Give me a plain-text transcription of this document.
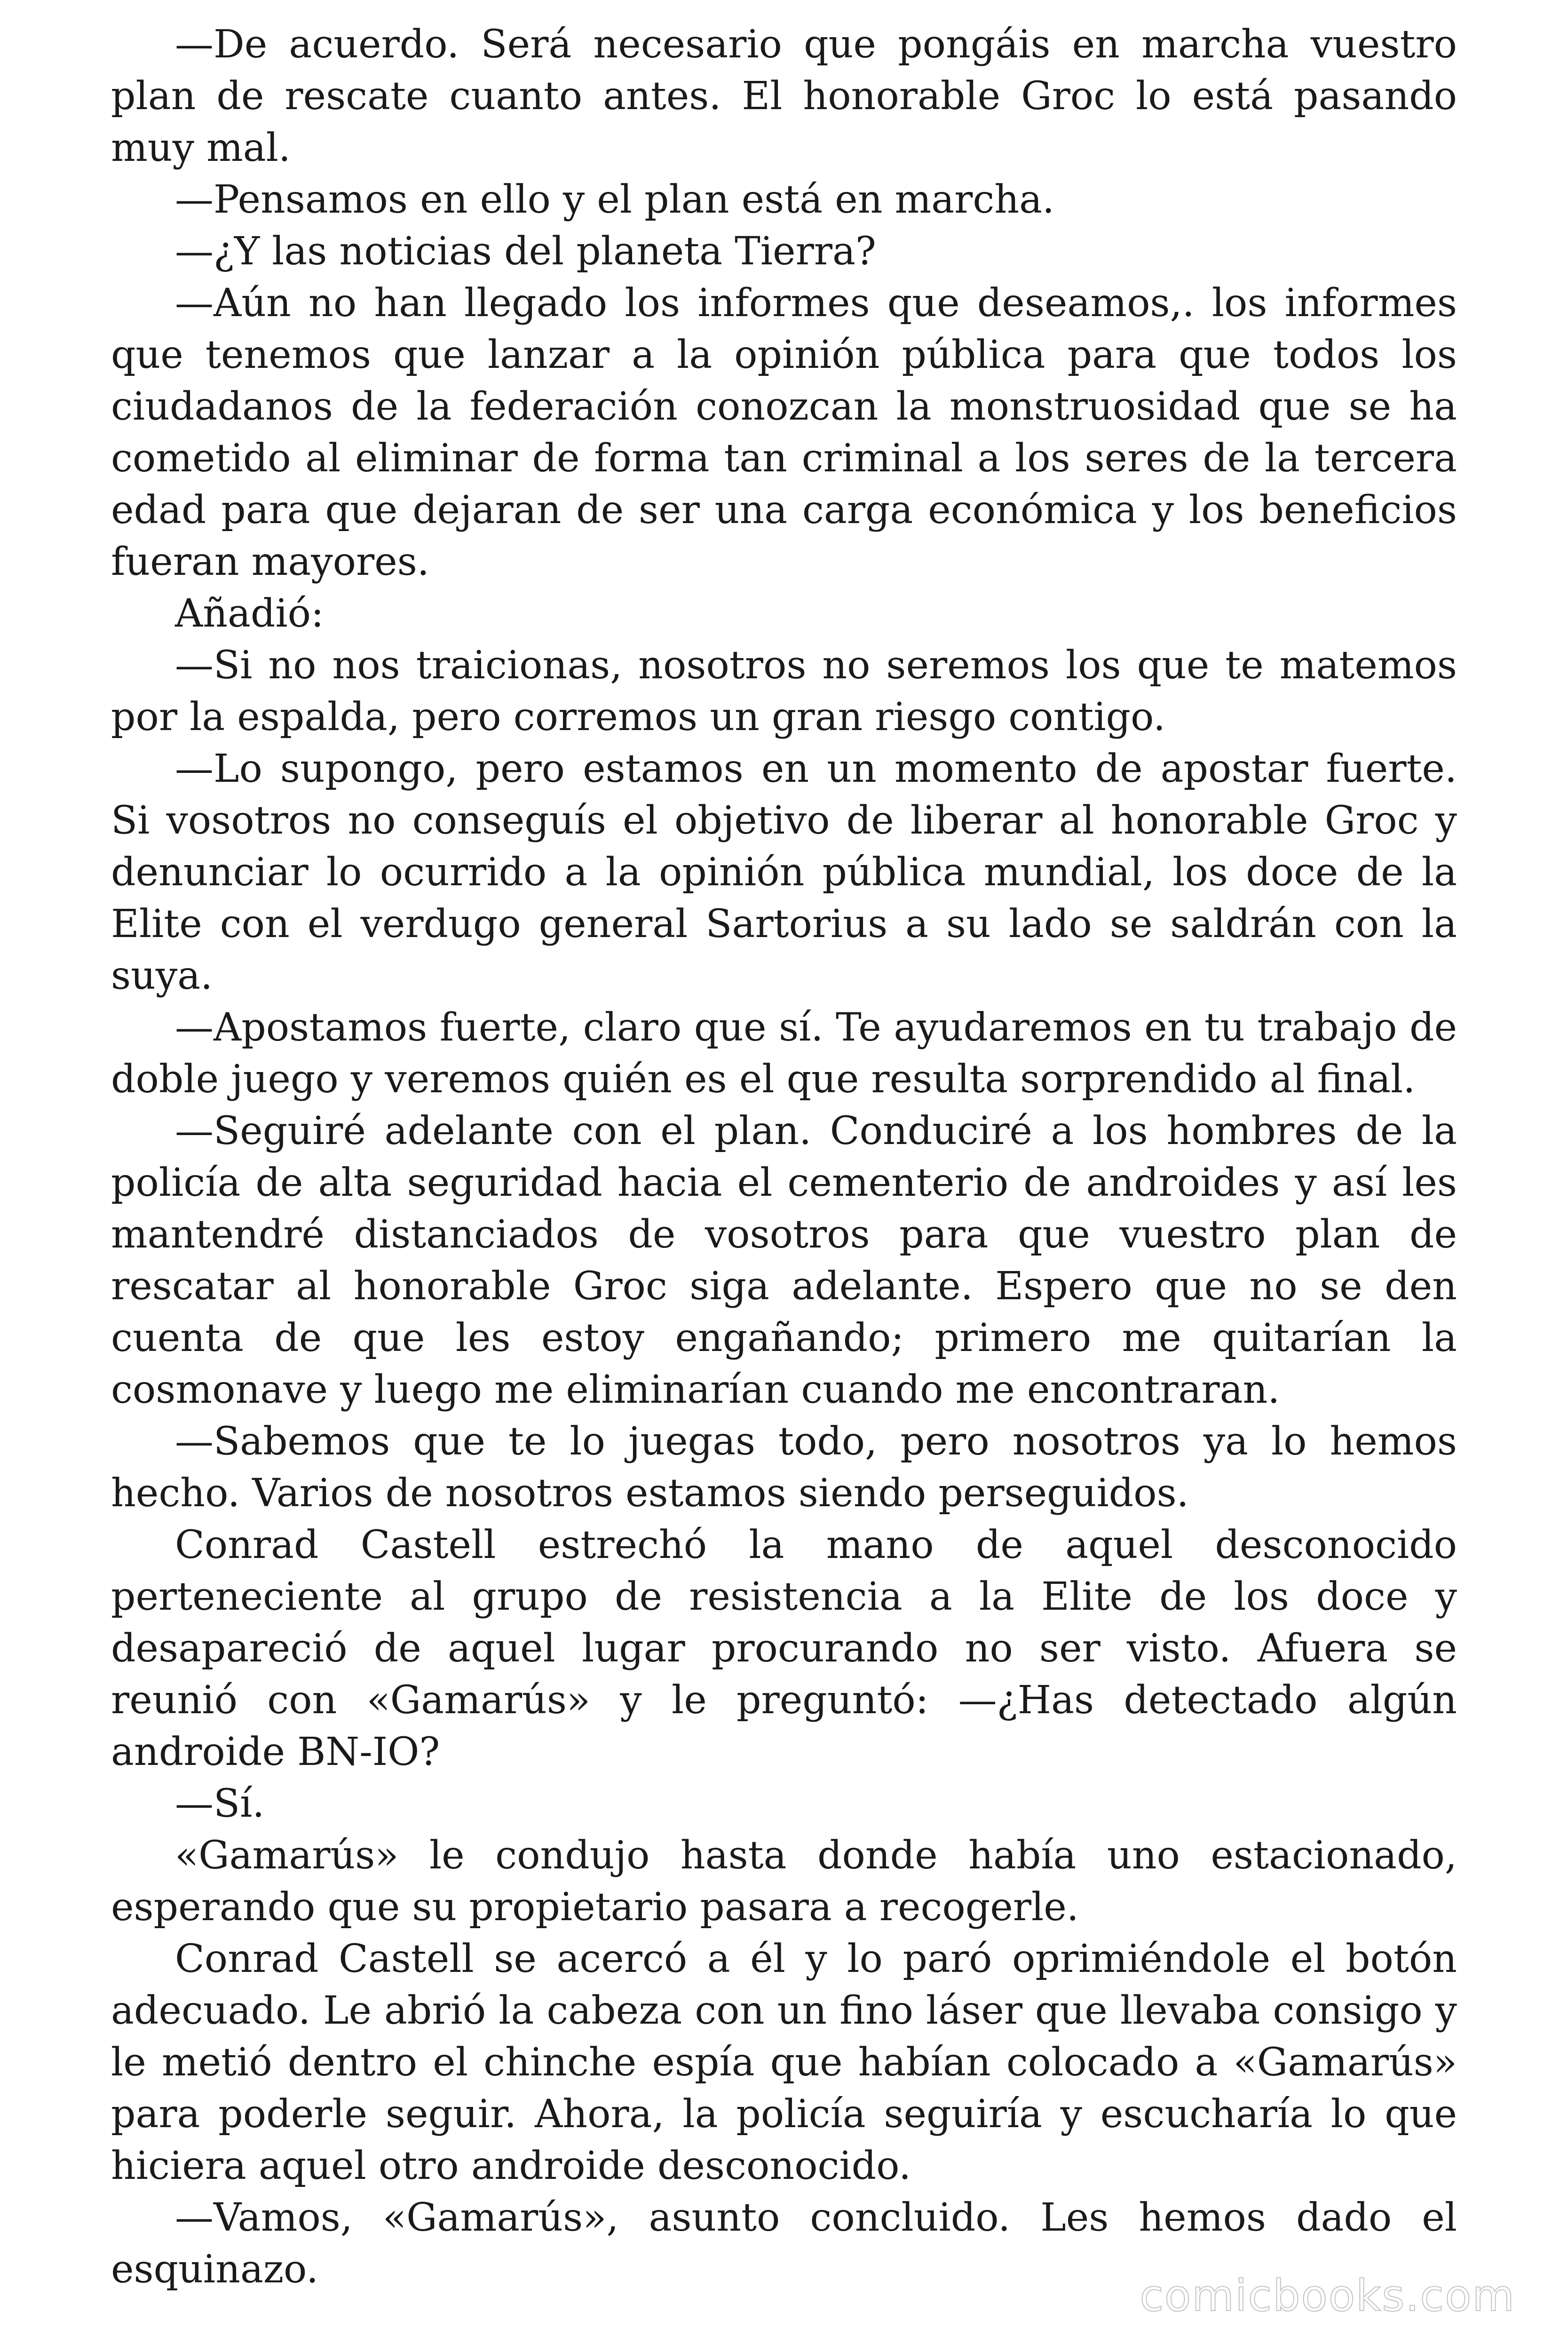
—De acuerdo. Será necesario que pongáis en marcha vuestro plan de rescate cuanto antes. El honorable Groc lo está pasando muy mal.

—Pensamos en ello y el plan está en marcha.

—¿Y las noticias del planeta Tierra?

—Aún no han llegado los informes que deseamos,. los informes que tenemos que lanzar a la opinión pública para que todos los ciudadanos de la federación conozcan la monstruosidad que se ha cometido al eliminar de forma tan criminal a los seres de la tercera edad para que dejaran de ser una carga económica y los beneficios fueran mayores.

Añadió:

—Si no nos traicionas, nosotros no seremos los que te matemos por la espalda, pero corremos un gran riesgo contigo.

—Lo supongo, pero estamos en un momento de apostar fuerte. Si vosotros no conseguís el objetivo de liberar al honorable Groc y denunciar lo ocurrido a la opinión pública mundial, los doce de la Elite con el verdugo general Sartorius a su lado se saldrán con la suya.

—Apostamos fuerte, claro que sí. Te ayudaremos en tu trabajo de doble juego y veremos quién es el que resulta sorprendido al final.

—Seguiré adelante con el plan. Conduciré a los hombres de la policía de alta seguridad hacia el cementerio de androides y así les mantendré distanciados de vosotros para que vuestro plan de rescatar al honorable Groc siga adelante. Espero que no se den cuenta de que les estoy engañando; primero me quitarían la cosmonave y luego me eliminarían cuando me encontraran.

—Sabemos que te lo juegas todo, pero nosotros ya lo hemos hecho. Varios de nosotros estamos siendo perseguidos.

Conrad Castell estrechó la mano de aquel desconocido perteneciente al grupo de resistencia a la Elite de los doce y desapareció de aquel lugar procurando no ser visto. Afuera se reunió con «Gamarús» y le preguntó: —¿Has detectado algún androide BN-IO?

—Sí.

«Gamarús» le condujo hasta donde había uno estacionado, esperando que su propietario pasara a recogerle.

Conrad Castell se acercó a él y lo paró oprimiéndole el botón adecuado. Le abrió la cabeza con un fino láser que llevaba consigo y le metió dentro el chinche espía que habían colocado a «Gamarús» para poderle seguir. Ahora, la policía seguiría y escucharía lo que hiciera aquel otro androide desconocido.

—Vamos, «Gamarús», asunto concluido. Les hemos dado el esquinazo.

comicbooks.com
